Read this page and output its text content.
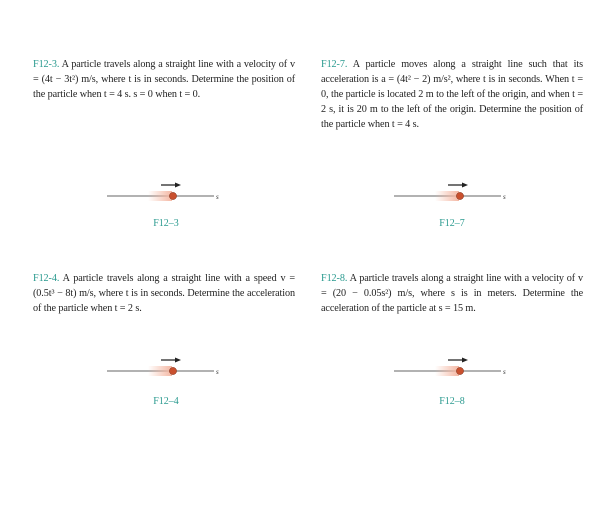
F12-3. A particle travels along a straight line with a velocity of v = (4t − 3t²) m/s, where t is in seconds. Determine the position of the particle when t = 4 s. s = 0 when t = 0.
F12-7. A particle moves along a straight line such that its acceleration is a = (4t² − 2) m/s², where t is in seconds. When t = 0, the particle is located 2 m to the left of the origin, and when t = 2 s, it is 20 m to the left of the origin. Determine the position of the particle when t = 4 s.
F12-4. A particle travels along a straight line with a speed v = (0.5t³ − 8t) m/s, where t is in seconds. Determine the acceleration of the particle when t = 2 s.
F12-8. A particle travels along a straight line with a velocity of v = (20 − 0.05s²) m/s, where s is in meters. Determine the acceleration of the particle at s = 15 m.
s
F12–3
s
F12–7
s
F12–4
s
F12–8
